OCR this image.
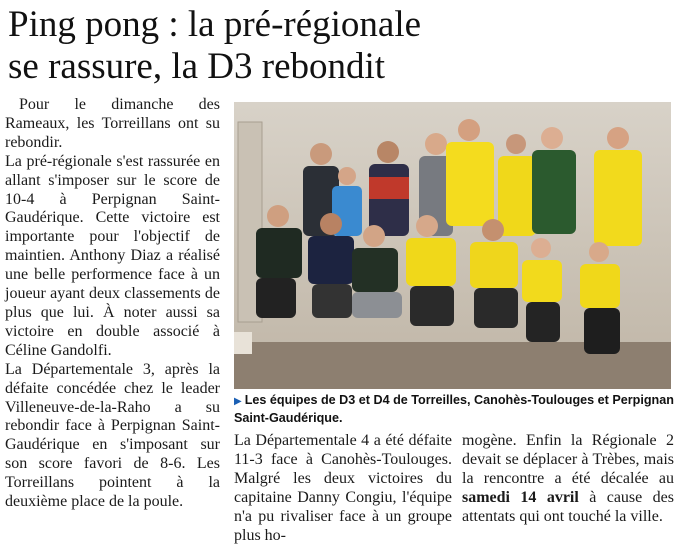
Ping pong : la pré-régionale
se rassure, la D3 rebondit

Pour le dimanche des Rameaux, les Torreillans ont su rebondir.

La pré-régionale s'est rassurée en allant s'imposer sur le score de 10-4 à Perpignan Saint-Gaudérique. Cette victoire est importante pour l'objectif de maintien. Anthony Diaz a réalisé une belle performence face à un joueur ayant deux classements de plus que lui. À noter aussi sa victoire en double associé à Céline Gandolfi.

La Départementale 3, après la défaite concédée chez le leader Villeneuve-de-la-Raho a su rebondir face à Perpignan Saint-Gaudérique en s'imposant sur son score favori de 8-6. Les Torreillans pointent à la deuxième place de la poule.

▶ Les équipes de D3 et D4 de Torreilles, Canohès-Toulouges et Perpignan Saint-Gaudérique.

La Départementale 4 a été défaite 11-3 face à Canohès-Toulouges. Malgré les deux victoires du capitaine Danny Congiu, l'équipe n'a pu rivaliser face à un groupe plus ho-

mogène. Enfin la Régionale 2 devait se déplacer à Trèbes, mais la rencontre a été décalée au samedi 14 avril à cause des attentats qui ont touché la ville.
